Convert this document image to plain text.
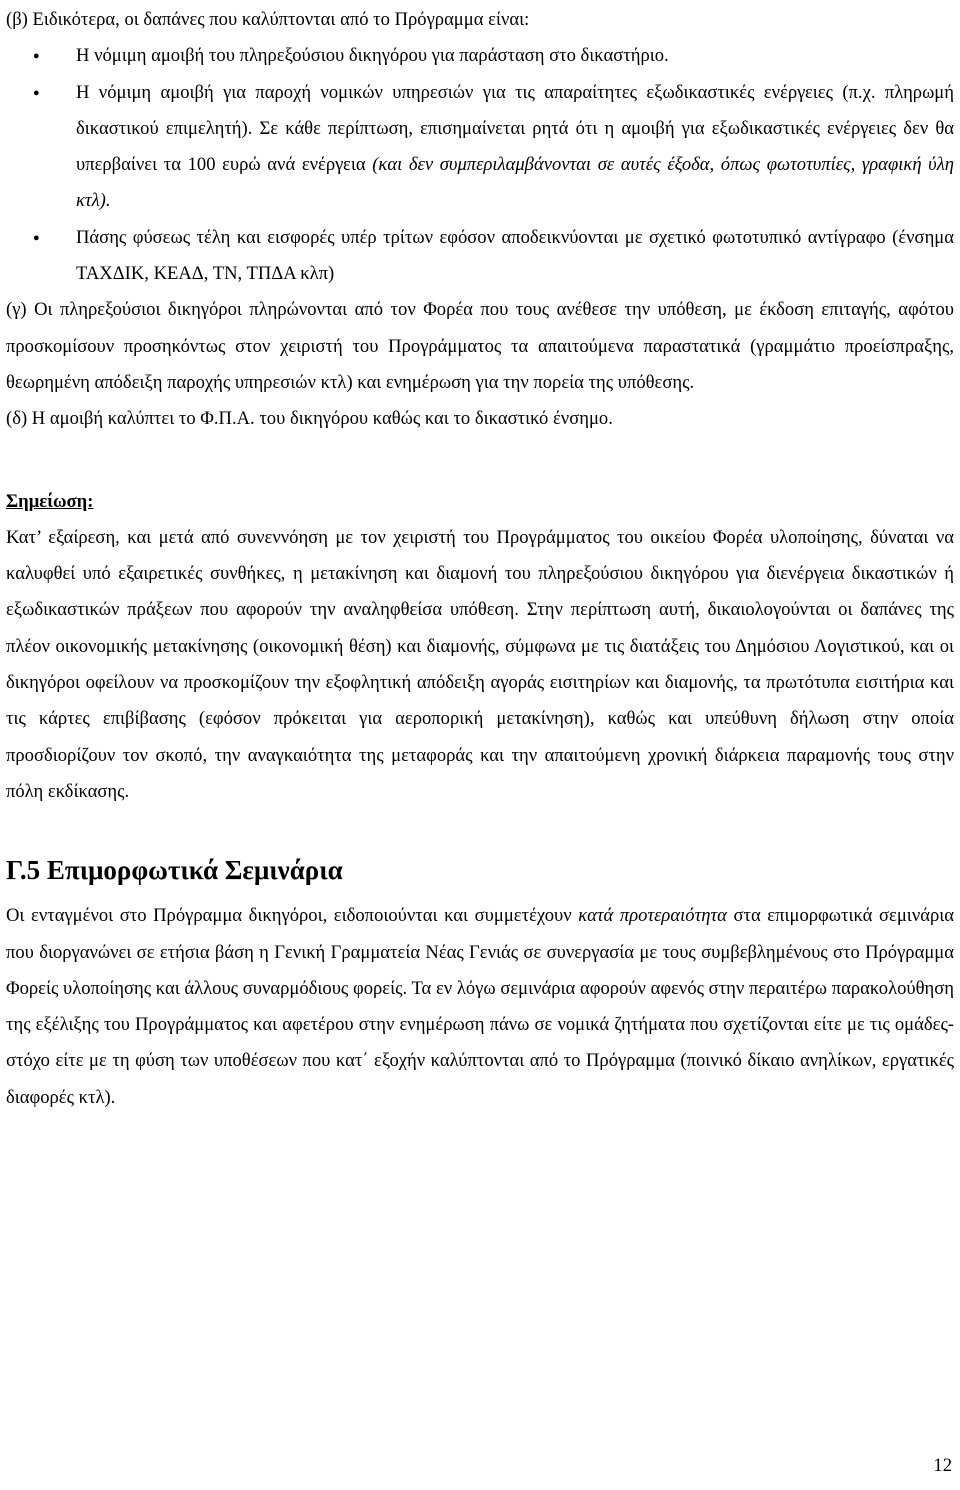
(β) Ειδικότερα, οι δαπάνες που καλύπτονται από το Πρόγραμμα είναι:

● Η νόμιμη αμοιβή του πληρεξούσιου δικηγόρου για παράσταση στο δικαστήριο.
● Η νόμιμη αμοιβή για παροχή νομικών υπηρεσιών για τις απαραίτητες εξωδικαστικές ενέργειες (π.χ. πληρωμή δικαστικού επιμελητή). Σε κάθε περίπτωση, επισημαίνεται ρητά ότι η αμοιβή για εξωδικαστικές ενέργειες δεν θα υπερβαίνει τα 100 ευρώ ανά ενέργεια (και δεν συμπεριλαμβάνονται σε αυτές έξοδα, όπως φωτοτυπίες, γραφική ύλη κτλ).
● Πάσης φύσεως τέλη και εισφορές υπέρ τρίτων εφόσον αποδεικνύονται με σχετικό φωτοτυπικό αντίγραφο (ένσημα ΤΑΧΔΙΚ, ΚΕΑΔ, ΤΝ, ΤΠΔΑ κλπ)

(γ) Οι πληρεξούσιοι δικηγόροι πληρώνονται από τον Φορέα που τους ανέθεσε την υπόθεση, με έκδοση επιταγής, αφότου προσκομίσουν προσηκόντως στον χειριστή του Προγράμματος τα απαιτούμενα παραστατικά (γραμμάτιο προείσπραξης, θεωρημένη απόδειξη παροχής υπηρεσιών κτλ) και ενημέρωση για την πορεία της υπόθεσης.

(δ) Η αμοιβή καλύπτει το Φ.Π.Α. του δικηγόρου καθώς και το δικαστικό ένσημο.

Σημείωση:

Κατ’ εξαίρεση, και μετά από συνεννόηση με τον χειριστή του Προγράμματος του οικείου Φορέα υλοποίησης, δύναται να καλυφθεί υπό εξαιρετικές συνθήκες, η μετακίνηση και διαμονή του πληρεξούσιου δικηγόρου για διενέργεια δικαστικών ή εξωδικαστικών πράξεων που αφορούν την αναληφθείσα υπόθεση. Στην περίπτωση αυτή, δικαιολογούνται οι δαπάνες της πλέον οικονομικής μετακίνησης (οικονομική θέση) και διαμονής, σύμφωνα με τις διατάξεις του Δημόσιου Λογιστικού, και οι δικηγόροι οφείλουν να προσκομίζουν την εξοφλητική απόδειξη αγοράς εισιτηρίων και διαμονής, τα πρωτότυπα εισιτήρια και τις κάρτες επιβίβασης (εφόσον πρόκειται για αεροπορική μετακίνηση), καθώς και υπεύθυνη δήλωση στην οποία προσδιορίζουν τον σκοπό, την αναγκαιότητα της μεταφοράς και την απαιτούμενη χρονική διάρκεια παραμονής τους στην πόλη εκδίκασης.

Γ.5 Επιμορφωτικά Σεμινάρια

Οι ενταγμένοι στο Πρόγραμμα δικηγόροι, ειδοποιούνται και συμμετέχουν κατά προτεραιότητα στα επιμορφωτικά σεμινάρια που διοργανώνει σε ετήσια βάση η Γενική Γραμματεία Νέας Γενιάς σε συνεργασία με τους συμβεβλημένους στο Πρόγραμμα Φορείς υλοποίησης και άλλους συναρμόδιους φορείς. Τα εν λόγω σεμινάρια αφορούν αφενός στην περαιτέρω παρακολούθηση της εξέλιξης του Προγράμματος και αφετέρου στην ενημέρωση πάνω σε νομικά ζητήματα που σχετίζονται είτε με τις ομάδες-στόχο είτε με τη φύση των υποθέσεων που κατ΄ εξοχήν καλύπτονται από το Πρόγραμμα (ποινικό δίκαιο ανηλίκων, εργατικές διαφορές κτλ).

12
